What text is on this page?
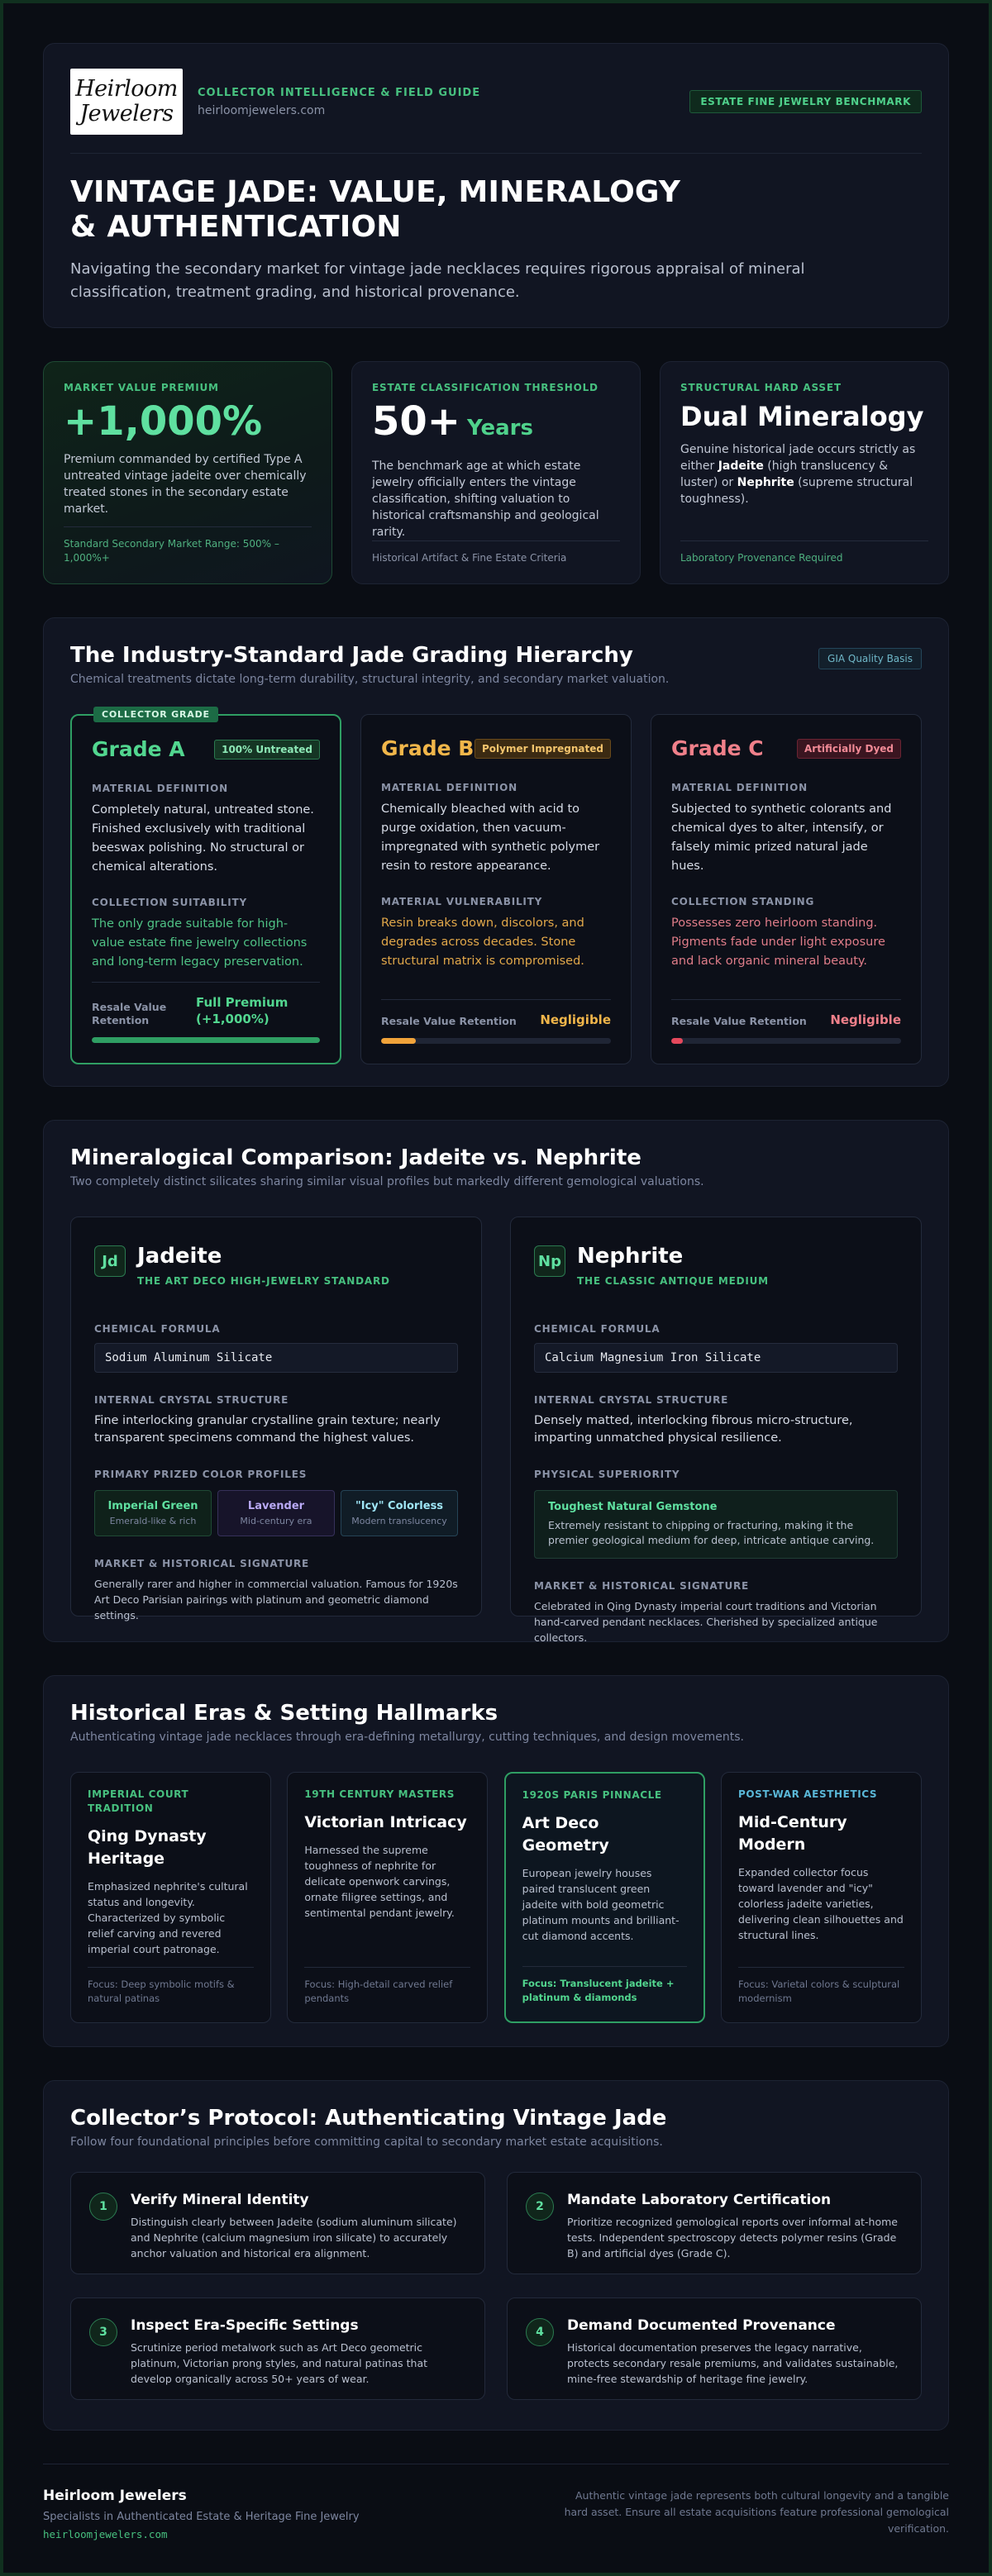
Heirloom
Jewelers
COLLECTOR INTELLIGENCE & FIELD GUIDE
heirloomjewelers.com
ESTATE FINE JEWELRY BENCHMARK
VINTAGE JADE: VALUE, MINERALOGY & AUTHENTICATION

Navigating the secondary market for vintage jade necklaces requires rigorous appraisal of mineral classification, treatment grading, and historical provenance.

MARKET VALUE PREMIUM
+1,000%
Premium commanded by certified Type A untreated vintage jadeite over chemically treated stones in the secondary estate market.
Standard Secondary Market Range: 500% – 1,000%+
ESTATE CLASSIFICATION THRESHOLD
50+ Years
The benchmark age at which estate jewelry officially enters the vintage classification, shifting valuation to historical craftsmanship and geological rarity.
Historical Artifact & Fine Estate Criteria
STRUCTURAL HARD ASSET
Dual Mineralogy
Genuine historical jade occurs strictly as either Jadeite (high translucency & luster) or Nephrite (supreme structural toughness).
Laboratory Provenance Required
The Industry-Standard Jade Grading Hierarchy

Chemical treatments dictate long-term durability, structural integrity, and secondary market valuation.

GIA Quality Basis
COLLECTOR GRADE
Grade A	100% Untreated
MATERIAL DEFINITION
Completely natural, untreated stone. Finished exclusively with traditional beeswax polishing. No structural or chemical alterations.
COLLECTION SUITABILITY
The only grade suitable for high-value estate fine jewelry collections and long-term legacy preservation.
Resale Value Retention
Full Premium (+1,000%)
Grade B Polymer Impregnated
MATERIAL DEFINITION
Chemically bleached with acid to purge oxidation, then vacuum-impregnated with synthetic polymer resin to restore appearance.
MATERIAL VULNERABILITY
Resin breaks down, discolors, and degrades across decades. Stone structural matrix is compromised.
Resale Value Retention Negligible
Grade C	Artificially Dyed
MATERIAL DEFINITION
Subjected to synthetic colorants and chemical dyes to alter, intensify, or falsely mimic prized natural jade hues.
COLLECTION STANDING
Possesses zero heirloom standing. Pigments fade under light exposure and lack organic mineral beauty.
Resale Value Retention Negligible
Mineralogical Comparison: Jadeite vs. Nephrite

Two completely distinct silicates sharing similar visual profiles but markedly different gemological valuations.

Jd Jadeite
THE ART DECO HIGH-JEWELRY STANDARD
CHEMICAL FORMULA
Sodium Aluminum Silicate
INTERNAL CRYSTAL STRUCTURE
Fine interlocking granular crystalline grain texture; nearly transparent specimens command the highest values.
PRIMARY PRIZED COLOR PROFILES
Imperial Green
Emerald-like & rich
Lavender
Mid-century era
"Icy" Colorless
Modern translucency
MARKET & HISTORICAL SIGNATURE
Generally rarer and higher in commercial valuation. Famous for 1920s Art Deco Parisian pairings with platinum and geometric diamond settings.
Np Nephrite
THE CLASSIC ANTIQUE MEDIUM
CHEMICAL FORMULA
Calcium Magnesium Iron Silicate
INTERNAL CRYSTAL STRUCTURE
Densely matted, interlocking fibrous micro-structure, imparting unmatched physical resilience.
PHYSICAL SUPERIORITY
Toughest Natural Gemstone
Extremely resistant to chipping or fracturing, making it the premier geological medium for deep, intricate antique carving.
MARKET & HISTORICAL SIGNATURE
Celebrated in Qing Dynasty imperial court traditions and Victorian hand-carved pendant necklaces. Cherished by specialized antique collectors.
Historical Eras & Setting Hallmarks

Authenticating vintage jade necklaces through era-defining metallurgy, cutting techniques, and design movements.

IMPERIAL COURT TRADITION
Qing Dynasty Heritage
Emphasized nephrite's cultural status and longevity. Characterized by symbolic relief carving and revered imperial court patronage.
Focus: Deep symbolic motifs & natural patinas
19TH CENTURY MASTERS
Victorian Intricacy
Harnessed the supreme toughness of nephrite for delicate openwork carvings, ornate filigree settings, and sentimental pendant jewelry.
Focus: High-detail carved relief pendants
1920S PARIS PINNACLE
Art Deco Geometry
European jewelry houses paired translucent green jadeite with bold geometric platinum mounts and brilliant-cut diamond accents.
Focus: Translucent jadeite + platinum & diamonds
POST-WAR AESTHETICS
Mid-Century Modern
Expanded collector focus toward lavender and "icy" colorless jadeite varieties, delivering clean silhouettes and structural lines.
Focus: Varietal colors & sculptural modernism
Collector’s Protocol: Authenticating Vintage Jade

Follow four foundational principles before committing capital to secondary market estate acquisitions.

1	Verify Mineral Identity
Distinguish clearly between Jadeite (sodium aluminum silicate) and Nephrite (calcium magnesium iron silicate) to accurately anchor valuation and historical era alignment.
2	Mandate Laboratory Certification
Prioritize recognized gemological reports over informal at-home tests. Independent spectroscopy detects polymer resins (Grade B) and artificial dyes (Grade C).
3	Inspect Era-Specific Settings
Scrutinize period metalwork such as Art Deco geometric platinum, Victorian prong styles, and natural patinas that develop organically across 50+ years of wear.
4	Demand Documented Provenance
Historical documentation preserves the legacy narrative, protects secondary resale premiums, and validates sustainable, mine-free stewardship of heritage fine jewelry.
Heirloom Jewelers
Specialists in Authenticated Estate & Heritage Fine Jewelry
heirloomjewelers.com
Authentic vintage jade represents both cultural longevity and a tangible hard asset. Ensure all estate acquisitions feature professional gemological verification.
